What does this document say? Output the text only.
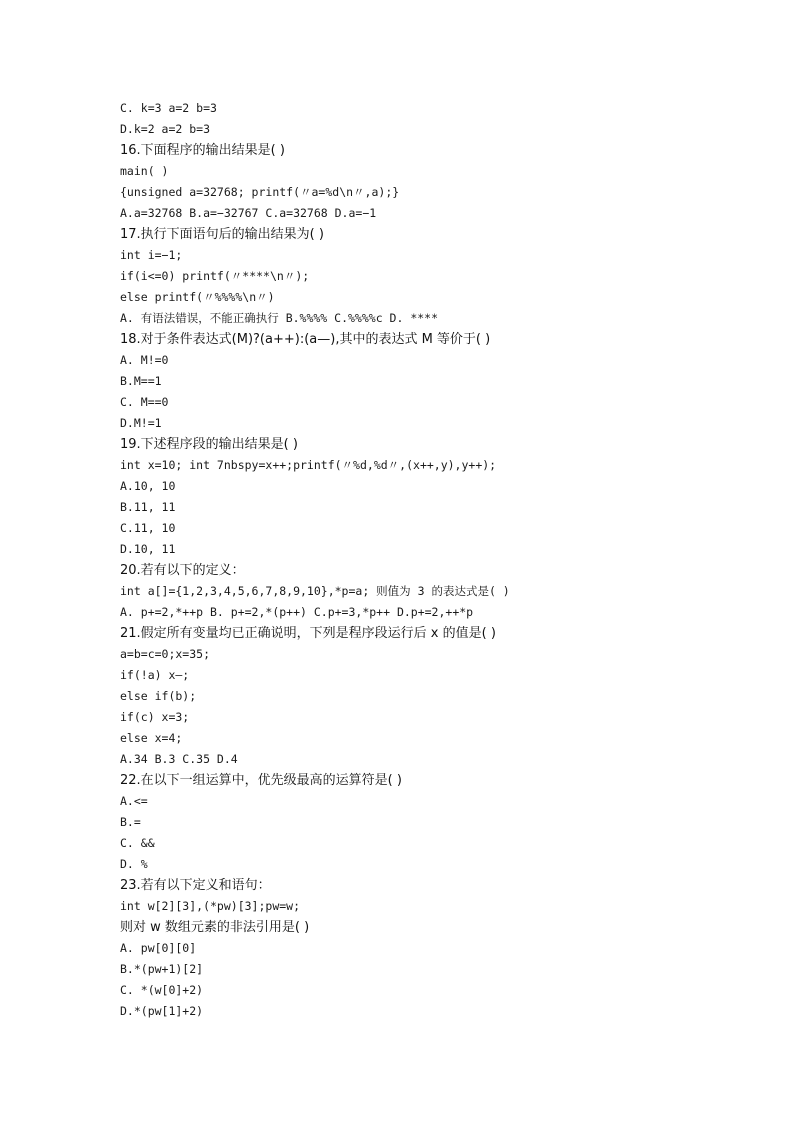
C. k=3 a=2 b=3
D.k=2 a=2 b=3
16.下面程序的输出结果是( )
main( )
{unsigned a=32768; printf(〃a=%d\n〃,a);}
A.a=32768 B.a=−32767 C.a=32768 D.a=−1
17.执行下面语句后的输出结果为( )
int i=−1;
if(i<=0) printf(〃****\n〃);
else printf(〃%%%%\n〃)
A. 有语法错误，不能正确执行 B.%%%% C.%%%%c D. ****
18.对于条件表达式(M)?(a++):(a—),其中的表达式 M 等价于( )
A. M!=0
B.M==1
C. M==0
D.M!=1
19.下述程序段的输出结果是( )
int x=10; int 7nbspy=x++;printf(〃%d,%d〃,(x++,y),y++);
A.10, 10
B.11, 11
C.11, 10
D.10, 11
20.若有以下的定义：
int a[]={1,2,3,4,5,6,7,8,9,10},*p=a; 则值为 3 的表达式是( )
A. p+=2,*++p B. p+=2,*(p++) C.p+=3,*p++ D.p+=2,++*p
21.假定所有变量均已正确说明，下列是程序段运行后 x 的值是( )
a=b=c=0;x=35;
if(!a) x—;
else if(b);
if(c) x=3;
else x=4;
A.34 B.3 C.35 D.4
22.在以下一组运算中，优先级最高的运算符是( )
A.<=
B.=
C. &&
D. %
23.若有以下定义和语句：
int w[2][3],(*pw)[3];pw=w;
则对 w 数组元素的非法引用是( )
A. pw[0][0]
B.*(pw+1)[2]
C. *(w[0]+2)
D.*(pw[1]+2)
